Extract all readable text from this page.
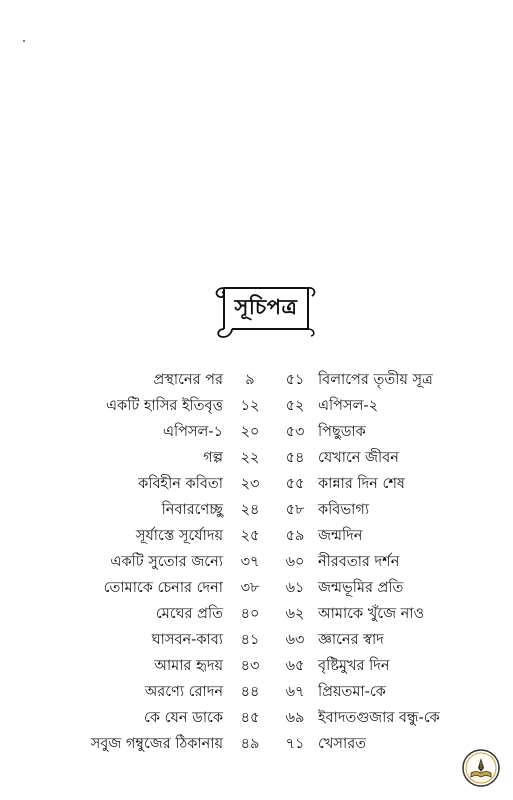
সূচিপত্র
প্রস্থানের পর	৯	৫১ বিলাপের তৃতীয় সূত্র
একটি হাসির ইতিবৃত্ত ১২ ৫২ এপিসল-২
এপিসল-১ ২০ ৫৩ পিছুডাক
গল্প ২২ ৫৪ যেখানে জীবন
কবিহীন কবিতা ২৩ ৫৫ কান্নার দিন শেষ
নিবারণেচ্ছু ২৪ ৫৮ কবিভাগ্য
সূর্যাস্তে সূর্যোদয় ২৫ ৫৯ জন্মদিন
একটি সুতোর জন্যে ৩৭ ৬০ নীরবতার দর্শন
তোমাকে চেনার দেনা ৩৮ ৬১ জন্মভূমির প্রতি
মেঘের প্রতি ৪০ ৬২ আমাকে খুঁজে নাও
ঘাসবন-কাব্য ৪১ ৬৩ জ্ঞানের স্বাদ
আমার হৃদয় ৪৩ ৬৫ বৃষ্টিমুখর দিন
অরণ্যে রোদন ৪৪ ৬৭ প্রিয়তমা-কে
কে যেন ডাকে ৪৫ ৬৯ ইবাদতগুজার বন্ধু-কে
সবুজ গম্বুজের ঠিকানায় ৪৯ ৭১ খেসারত
